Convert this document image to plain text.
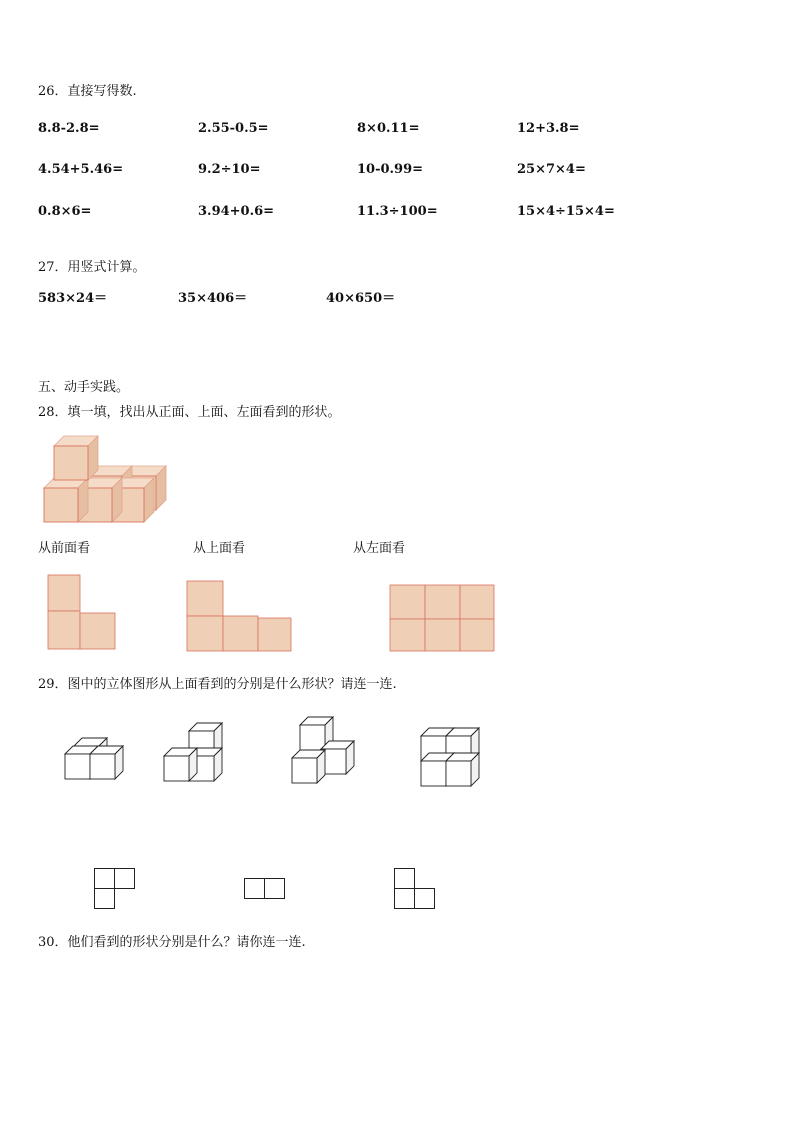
26．直接写得数.
8.8-2.8=	2.55-0.5=	8×0.11=	12+3.8=
4.54+5.46=	9.2÷10=	10-0.99=	25×7×4=
0.8×6=	3.94+0.6=	11.3÷100=	15×4÷15×4=
27．用竖式计算。
583×24＝	35×406＝	40×650＝
五、动手实践。
28．填一填，找出从正面、上面、左面看到的形状。
从前面看	从上面看	从左面看
29．图中的立体图形从上面看到的分别是什么形状？请连一连.
30．他们看到的形状分别是什么？请你连一连.
